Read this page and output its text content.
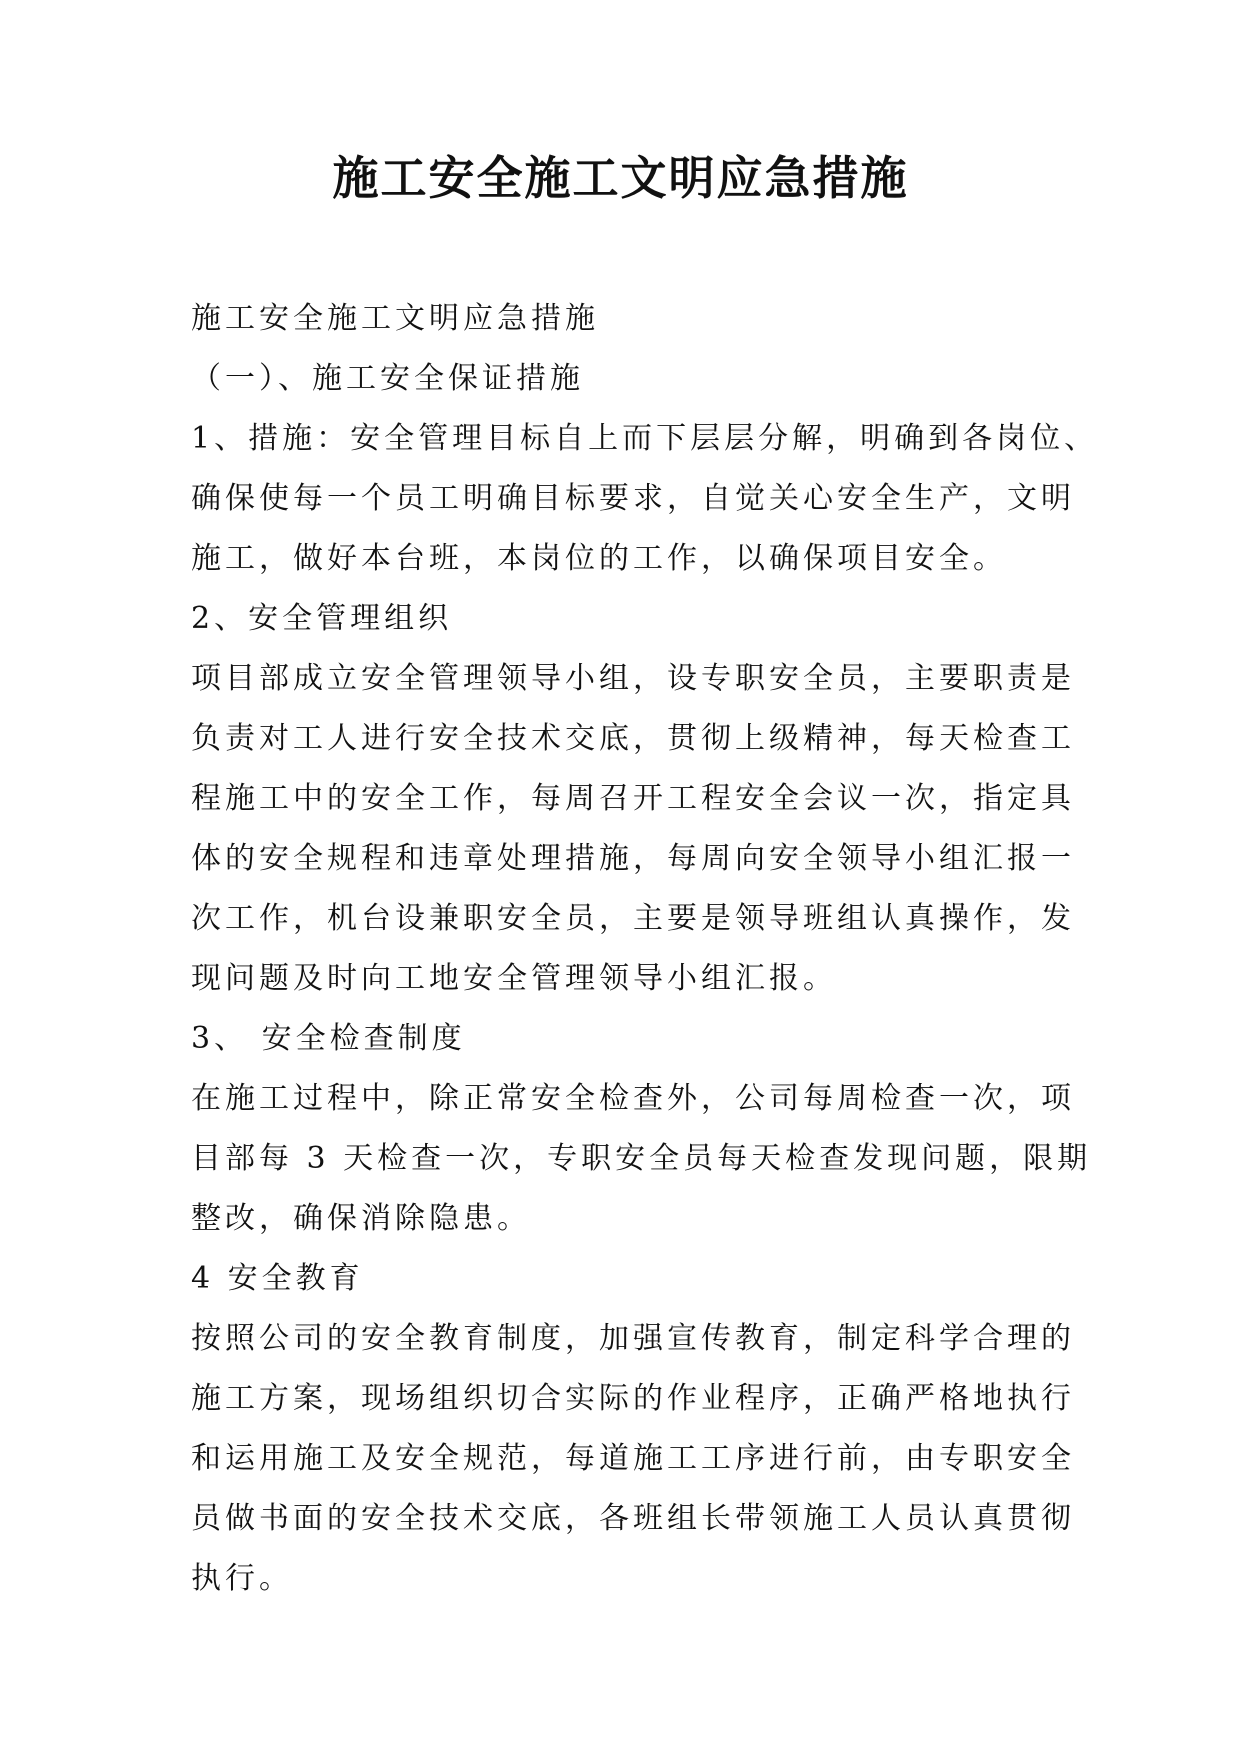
施工安全施工文明应急措施
施工安全施工文明应急措施
（一）、施工安全保证措施
1、措施：安全管理目标自上而下层层分解，明确到各岗位、
确保使每一个员工明确目标要求，自觉关心安全生产，文明
施工，做好本台班，本岗位的工作，以确保项目安全。
2、安全管理组织
项目部成立安全管理领导小组，设专职安全员，主要职责是
负责对工人进行安全技术交底，贯彻上级精神，每天检查工
程施工中的安全工作，每周召开工程安全会议一次，指定具
体的安全规程和违章处理措施，每周向安全领导小组汇报一
次工作，机台设兼职安全员，主要是领导班组认真操作，发
现问题及时向工地安全管理领导小组汇报。
3、 安全检查制度
在施工过程中，除正常安全检查外，公司每周检查一次，项
目部每 3 天检查一次，专职安全员每天检查发现问题，限期
整改，确保消除隐患。
4 安全教育
按照公司的安全教育制度，加强宣传教育，制定科学合理的
施工方案，现场组织切合实际的作业程序，正确严格地执行
和运用施工及安全规范，每道施工工序进行前，由专职安全
员做书面的安全技术交底，各班组长带领施工人员认真贯彻
执行。
